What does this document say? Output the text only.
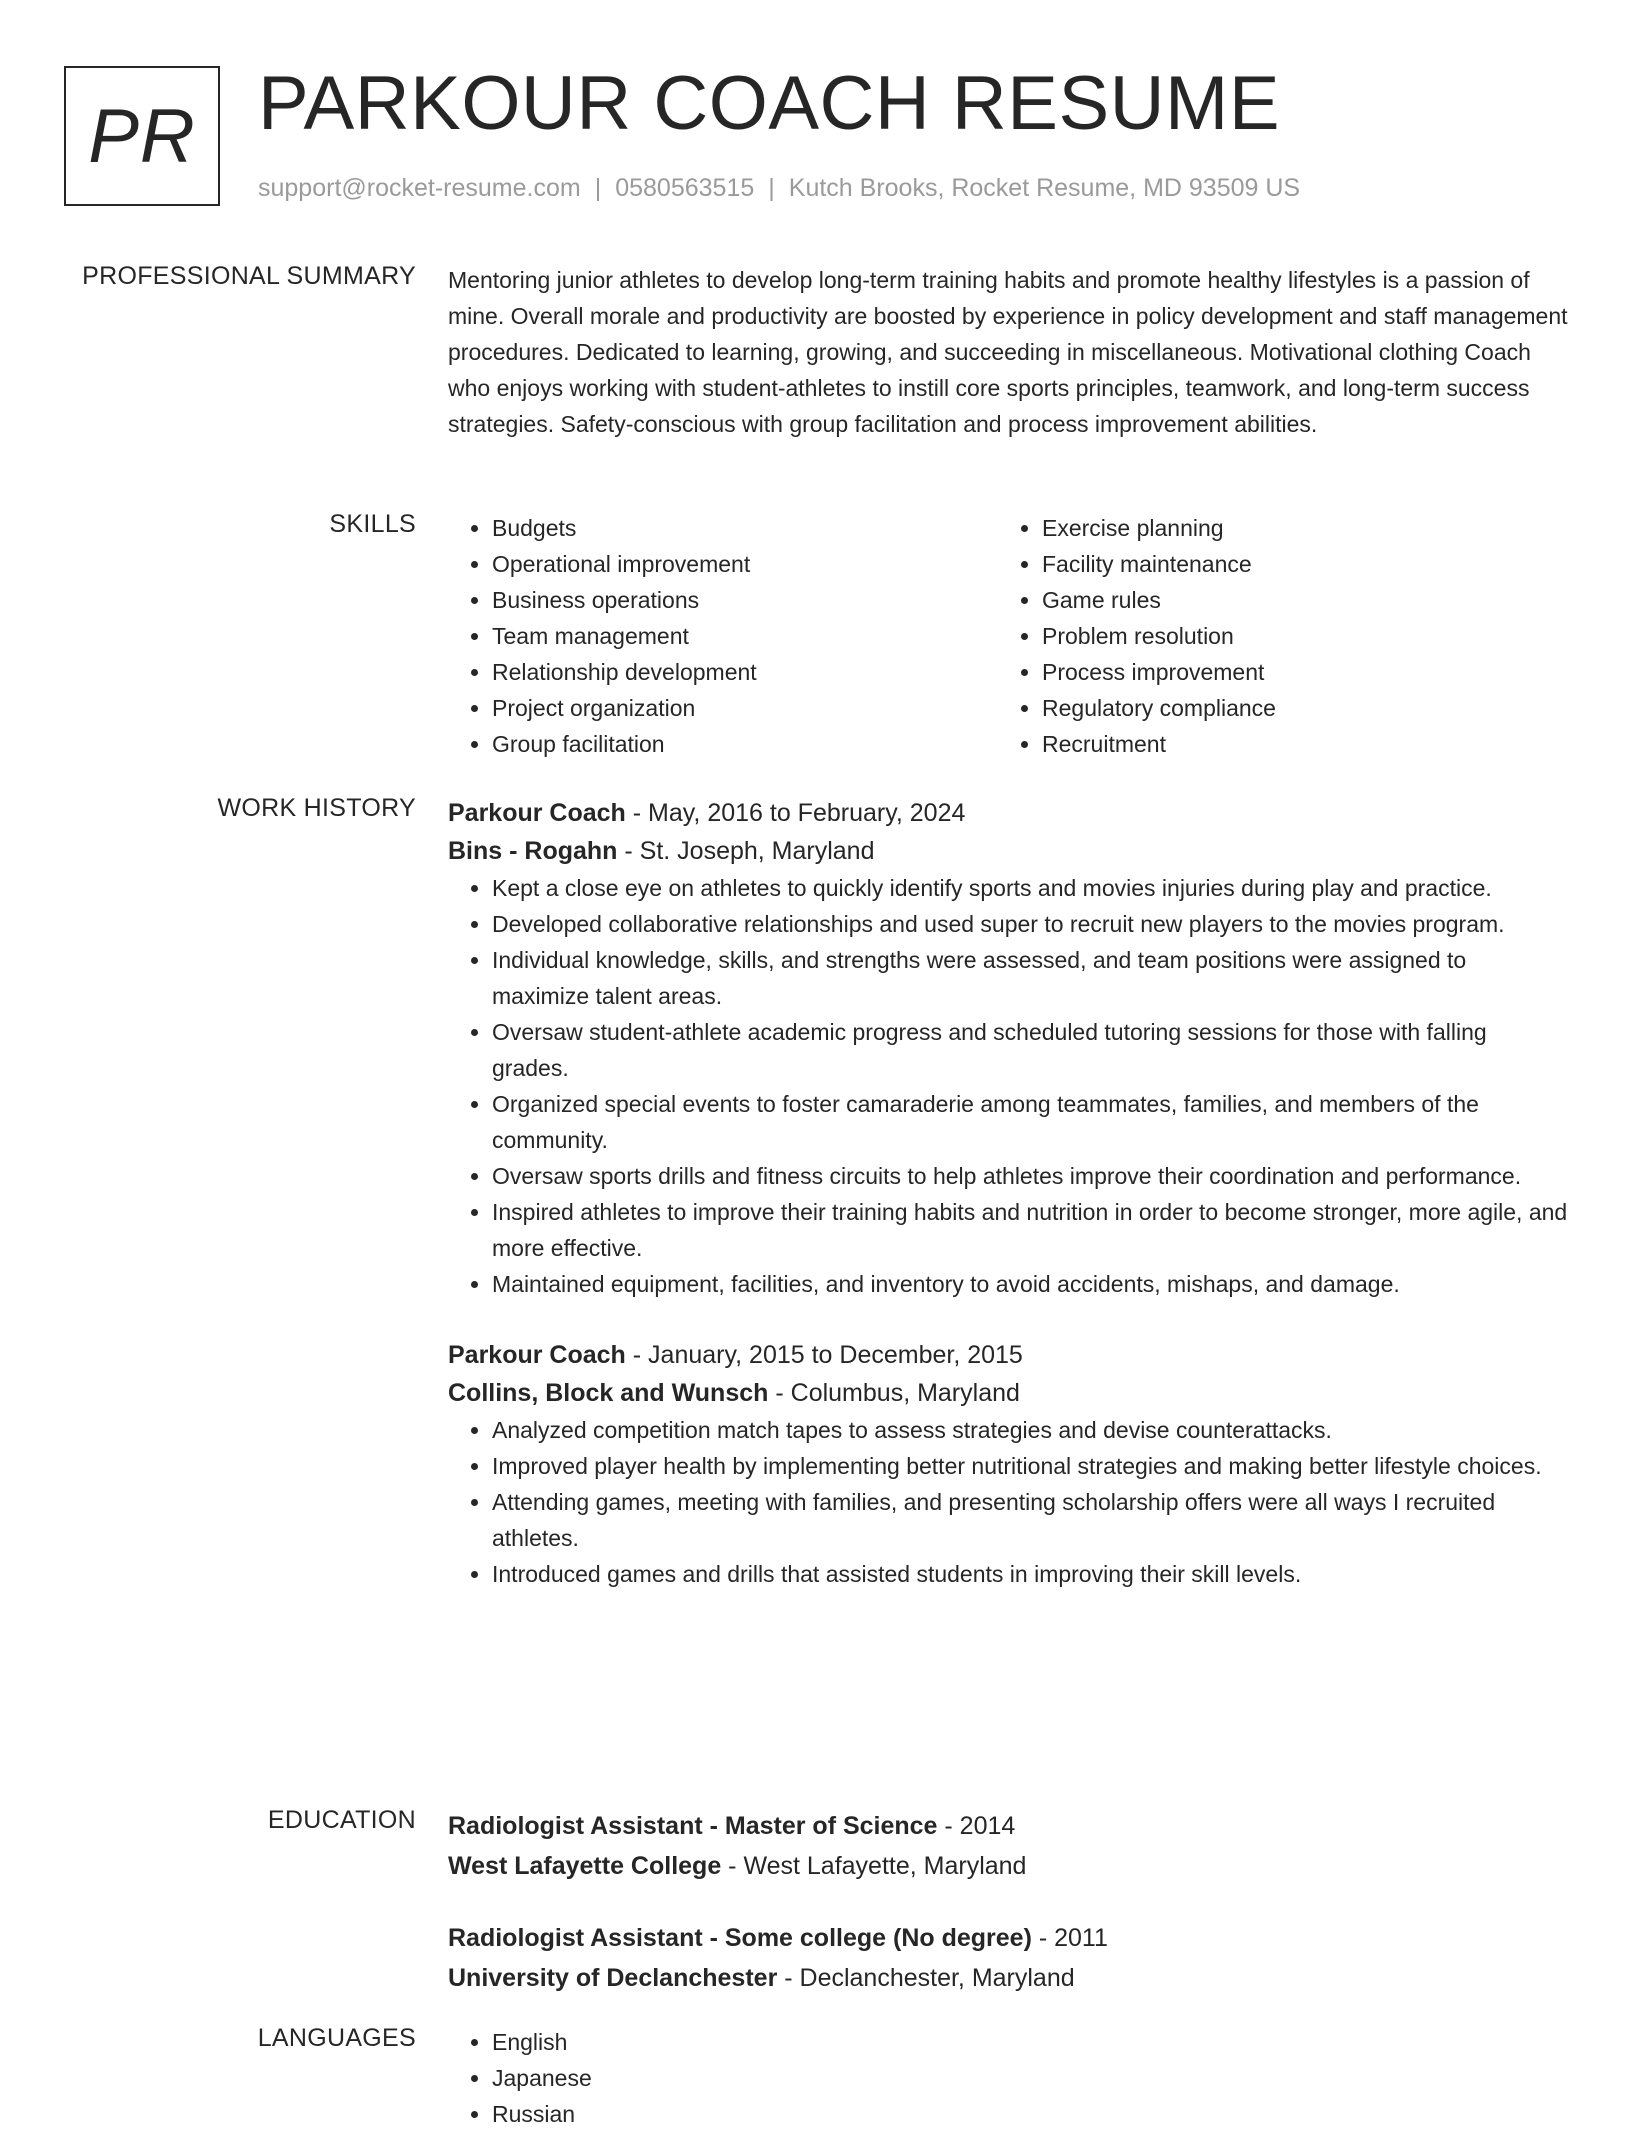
PR PARKOUR COACH RESUME
support@rocket-resume.com | 0580563515 | Kutch Brooks, Rocket Resume, MD 93509 US
PROFESSIONAL SUMMARY Mentoring junior athletes to develop long-term training habits and promote healthy lifestyles is a passion of mine. Overall morale and productivity are boosted by experience in policy development and staff management procedures. Dedicated to learning, growing, and succeeding in miscellaneous. Motivational clothing Coach who enjoys working with student-athletes to instill core sports principles, teamwork, and long-term success strategies. Safety-conscious with group facilitation and process improvement abilities.

SKILLS	• Budgets
• Operational improvement
• Business operations
• Team management
• Relationship development
• Project organization
• Group facilitation
• Exercise planning
• Facility maintenance
• Game rules
• Problem resolution
• Process improvement
• Regulatory compliance
• Recruitment
WORK HISTORY Parkour Coach - May, 2016 to February, 2024
Bins - Rogahn - St. Joseph, Maryland
• Kept a close eye on athletes to quickly identify sports and movies injuries during play and practice.
• Developed collaborative relationships and used super to recruit new players to the movies program.
• Individual knowledge, skills, and strengths were assessed, and team positions were assigned to maximize talent areas.
• Oversaw student-athlete academic progress and scheduled tutoring sessions for those with falling grades.
• Organized special events to foster camaraderie among teammates, families, and members of the community.
• Oversaw sports drills and fitness circuits to help athletes improve their coordination and performance.
• Inspired athletes to improve their training habits and nutrition in order to become stronger, more agile, and more effective.
• Maintained equipment, facilities, and inventory to avoid accidents, mishaps, and damage.
Parkour Coach - January, 2015 to December, 2015
Collins, Block and Wunsch - Columbus, Maryland
• Analyzed competition match tapes to assess strategies and devise counterattacks.
• Improved player health by implementing better nutritional strategies and making better lifestyle choices.
• Attending games, meeting with families, and presenting scholarship offers were all ways I recruited athletes.
• Introduced games and drills that assisted students in improving their skill levels.
EDUCATION Radiologist Assistant - Master of Science - 2014
West Lafayette College - West Lafayette, Maryland
Radiologist Assistant - Some college (No degree) - 2011
University of Declanchester - Declanchester, Maryland
LANGUAGES	• English
• Japanese
• Russian
